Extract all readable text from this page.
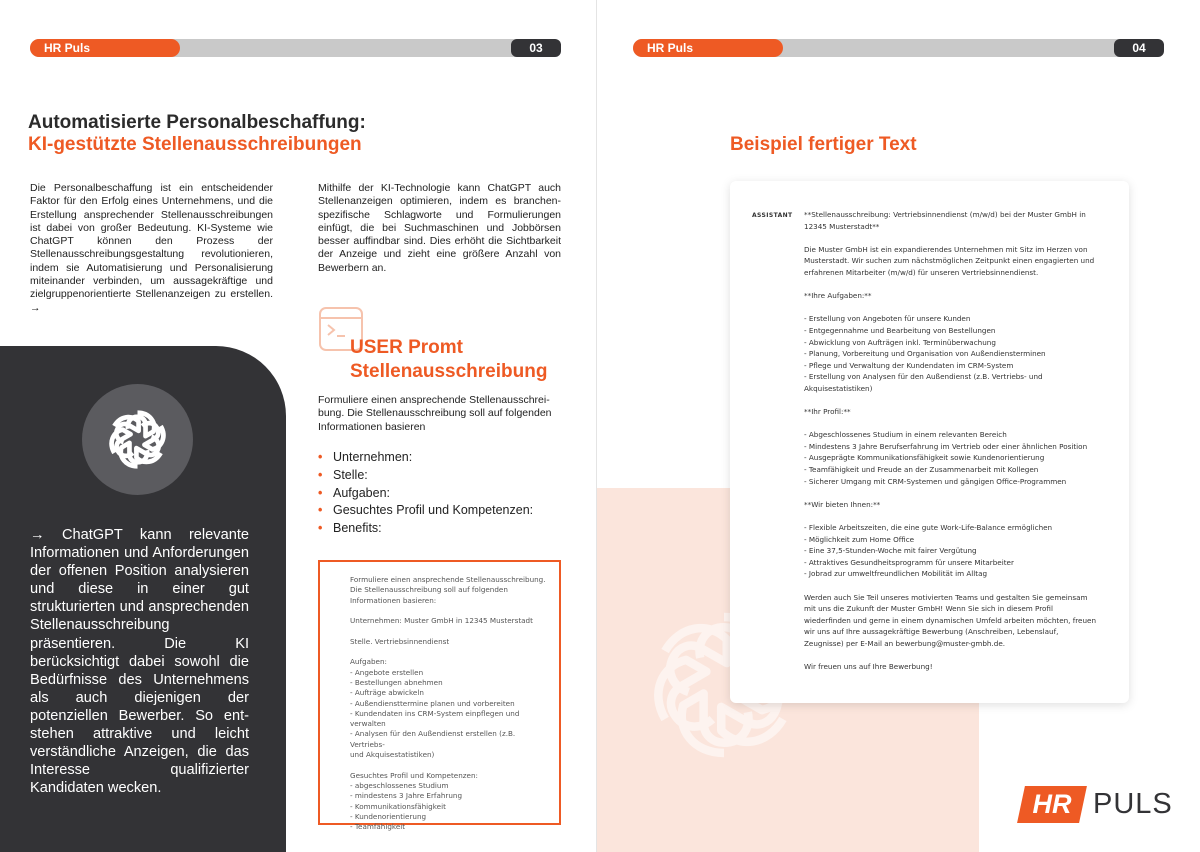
HR Puls	03
Automatisierte Personalbeschaffung:
KI-gestützte Stellenausschreibungen
Die Personalbeschaffung ist ein entscheidender Faktor für den Erfolg eines Unternehmens, und die Erstellung ansprechender Stellenausschreibungen ist dabei von großer Bedeutung. KI-Systeme wie ChatGPT können den Prozess der Stellenausschreibungsgestaltung revolutionieren, indem sie Automatisierung und Personalisierung miteinander verbinden, um aussagekräftige und zielgruppenorientierte Stellenanzeigen zu erstellen. →
Mithilfe der KI-Technologie kann ChatGPT auch Stellenanzeigen optimieren, indem es branchenspezifische Schlagworte und Formulierungen einfügt, die bei Suchmaschinen und Jobbörsen besser auffindbar sind. Dies erhöht die Sichtbarkeit der Anzeige und zieht eine größere Anzahl von Bewerbern an.
→ ChatGPT kann relevante Informationen und Anforderungen der offenen Position analysieren und diese in einer gut strukturierten und ansprechenden Stellenausschreibung präsentieren. Die KI berücksichtigt dabei sowohl die Bedürfnisse des Unternehmens als auch diejenigen der potenziellen Bewerber. So entstehen attraktive und leicht verständliche Anzeigen, die das Interesse qualifizierter Kandidaten wecken.
USER Promt
Stellenausschreibung
Formuliere einen ansprechende Stellenausschreibung. Die Stellenausschreibung soll auf folgenden Informationen basieren
• Unternehmen:
• Stelle:
• Aufgaben:
• Gesuchtes Profil und Kompetenzen:
• Benefits:

Formuliere einen ansprechende Stellenausschreibung.
Die Stellenausschreibung soll auf folgenden
Informationen basieren:

Unternehmen: Muster GmbH in 12345 Musterstadt

Stelle. Vertriebsinnendienst

Aufgaben:
- Angebote erstellen
- Bestellungen abnehmen
- Aufträge abwickeln
- Außendiensttermine planen und vorbereiten
- Kundendaten ins CRM-System einpflegen und verwalten
- Analysen für den Außendienst erstellen (z.B. Vertriebs-
und Akquisestatistiken)

Gesuchtes Profil und Kompetenzen:
- abgeschlossenes Studium
- mindestens 3 Jahre Erfahrung
- Kommunikationsfähigkeit
- Kundenorientierung
- Teamfähigkeit

HR Puls	04
Beispiel fertiger Text
ASSISTANT **Stellenausschreibung: Vertriebsinnendienst (m/w/d) bei der Muster GmbH in
12345 Musterstadt**

Die Muster GmbH ist ein expandierendes Unternehmen mit Sitz im Herzen von
Musterstadt. Wir suchen zum nächstmöglichen Zeitpunkt einen engagierten und
erfahrenen Mitarbeiter (m/w/d) für unseren Vertriebsinnendienst.

**Ihre Aufgaben:**

- Erstellung von Angeboten für unsere Kunden
- Entgegennahme und Bearbeitung von Bestellungen
- Abwicklung von Aufträgen inkl. Terminüberwachung
- Planung, Vorbereitung und Organisation von Außendiensterminen
- Pflege und Verwaltung der Kundendaten im CRM-System
- Erstellung von Analysen für den Außendienst (z.B. Vertriebs- und
Akquisestatistiken)

**Ihr Profil:**

- Abgeschlossenes Studium in einem relevanten Bereich
- Mindestens 3 Jahre Berufserfahrung im Vertrieb oder einer ähnlichen Position
- Ausgeprägte Kommunikationsfähigkeit sowie Kundenorientierung
- Teamfähigkeit und Freude an der Zusammenarbeit mit Kollegen
- Sicherer Umgang mit CRM-Systemen und gängigen Office-Programmen

**Wir bieten Ihnen:**

- Flexible Arbeitszeiten, die eine gute Work-Life-Balance ermöglichen
- Möglichkeit zum Home Office
- Eine 37,5-Stunden-Woche mit fairer Vergütung
- Attraktives Gesundheitsprogramm für unsere Mitarbeiter
- Jobrad zur umweltfreundlichen Mobilität im Alltag

Werden auch Sie Teil unseres motivierten Teams und gestalten Sie gemeinsam
mit uns die Zukunft der Muster GmbH! Wenn Sie sich in diesem Profil
wiederfinden und gerne in einem dynamischen Umfeld arbeiten möchten, freuen
wir uns auf Ihre aussagekräftige Bewerbung (Anschreiben, Lebenslauf,
Zeugnisse) per E-Mail an bewerbung@muster-gmbh.de.

Wir freuen uns auf Ihre Bewerbung!

HR PULS
